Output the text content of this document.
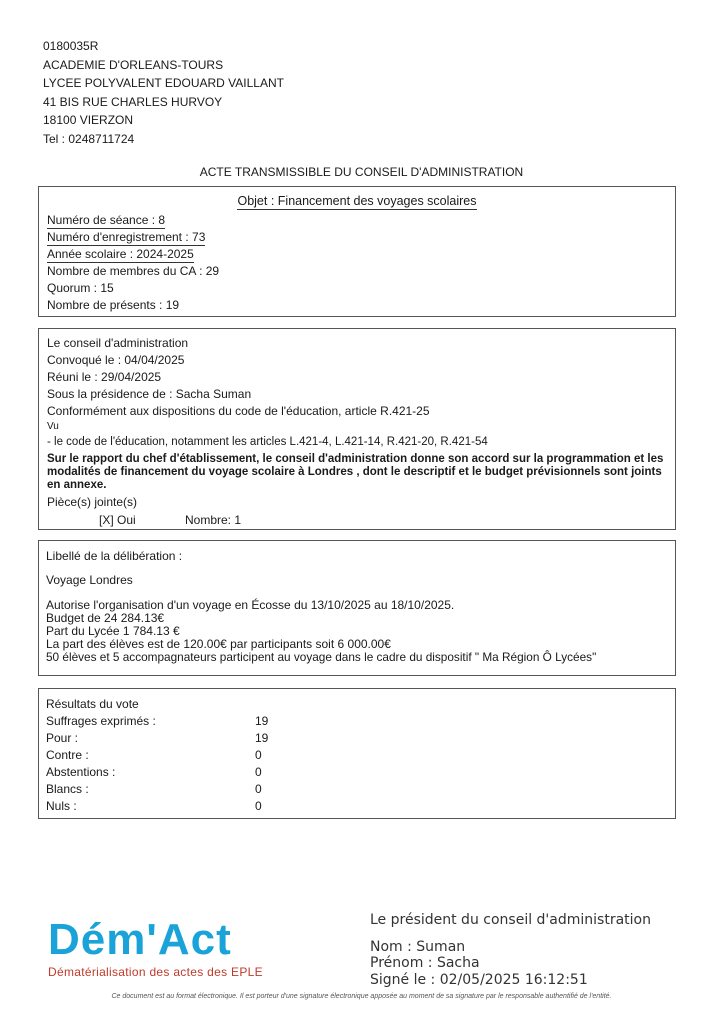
0180035R
ACADEMIE D'ORLEANS-TOURS
LYCEE POLYVALENT EDOUARD VAILLANT
41 BIS RUE CHARLES HURVOY
18100 VIERZON
Tel : 0248711724
ACTE TRANSMISSIBLE DU CONSEIL D'ADMINISTRATION
Objet : Financement des voyages scolaires
Numéro de séance : 8
Numéro d'enregistrement : 73
Année scolaire : 2024-2025
Nombre de membres du CA : 29
Quorum : 15
Nombre de présents : 19
Le conseil d'administration
Convoqué le : 04/04/2025
Réuni le : 29/04/2025
Sous la présidence de : Sacha Suman
Conformément aux dispositions du code de l'éducation, article R.421-25
Vu
- le code de l'éducation, notamment les articles L.421-4, L.421-14, R.421-20, R.421-54
Sur le rapport du chef d'établissement, le conseil d'administration donne son accord sur la programmation et les modalités de financement du voyage scolaire à Londres , dont le descriptif et le budget prévisionnels sont joints en annexe.
Pièce(s) jointe(s)
[X] Oui	Nombre: 1
Libellé de la délibération :
Voyage Londres
Autorise l'organisation d'un voyage en Écosse du 13/10/2025 au 18/10/2025.
Budget de 24 284.13€
Part du Lycée 1 784.13 €
La part des élèves est de 120.00€ par participants soit 6 000.00€
50 élèves et 5 accompagnateurs participent au voyage dans le cadre du dispositif " Ma Région Ô Lycées"
Résultats du vote
Suffrages exprimés :	19
Pour :	19
Contre :	0
Abstentions :	0
Blancs :	0
Nuls :	0
Dém'Act
Dématérialisation des actes des EPLE
Le président du conseil d'administration
Nom : Suman
Prénom : Sacha
Signé le : 02/05/2025 16:12:51
Ce document est au format électronique. Il est porteur d'une signature électronique apposée au moment de sa signature par le responsable authentifié de l'entité.
